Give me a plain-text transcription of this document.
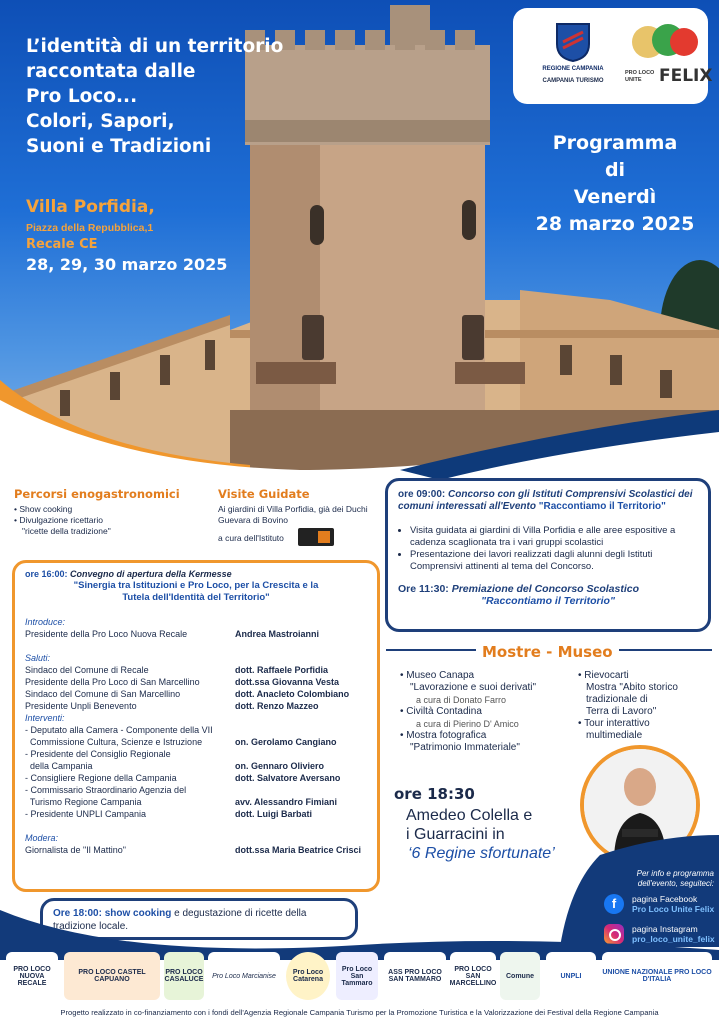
L’identità di un territorio
raccontata dalle
Pro Loco...
Colori, Sapori,
Suoni e Tradizioni
Villa Porfidia,
Piazza della Repubblica,1
Recale CE
28, 29, 30 marzo 2025
Programma
di
Venerdì
28 marzo 2025
REGIONE CAMPANIA
CAMPANIA TURISMO
PRO LOCO UNITE	FELIX
Percorsi enogastronomici
• Show cooking
• Divulgazione ricettario
"ricette della tradizione"
Visite Guidate
Ai giardini di Villa Porfidia, già dei Duchi Guevara di Bovino
a cura dell'Istituto
ore 09:00: Concorso con gli Istituti Comprensivi Scolastici dei comuni interessati all'Evento "Raccontiamo il Territorio"
• Visita guidata ai giardini di Villa Porfidia e alle aree espositive a cadenza scaglionata tra i vari gruppi scolastici
• Presentazione dei lavori realizzati dagli alunni degli Istituti Comprensivi attinenti al tema del Concorso.
Ore 11:30: Premiazione del Concorso Scolastico
"Raccontiamo il Territorio"
ore 16:00: Convegno di apertura della Kermesse
"Sinergia tra Istituzioni e Pro Loco, per la Crescita e la Tutela dell'Identità del Territorio"
Introduce:
Presidente della Pro Loco Nuova Recale	Andrea Mastroianni
Saluti:
Sindaco del Comune di Recale	dott. Raffaele Porfidia
Presidente della Pro Loco di San Marcellino	dott.ssa Giovanna Vesta
Sindaco del Comune di San Marcellino	dott. Anacleto Colombiano
Presidente Unpli Benevento	dott. Renzo Mazzeo
Interventi:
- Deputato alla Camera - Componente della VII
Commissione Cultura, Scienze e Istruzione	on. Gerolamo Cangiano
- Presidente del Consiglio Regionale
della Campania	on. Gennaro Oliviero
- Consigliere Regione della Campania	dott. Salvatore Aversano
- Commissario Straordinario Agenzia del
Turismo Regione Campania	avv. Alessandro Fimiani
- Presidente UNPLI Campania	dott. Luigi Barbati
Modera:
Giornalista de "Il Mattino"	dott.ssa Maria Beatrice Crisci
Mostre - Museo
• Museo Canapa
"Lavorazione e suoi derivati"
a cura di Donato Farro
• Civiltà Contadina
a cura di Pierino D' Amico
• Mostra fotografica
"Patrimonio Immateriale"
• Rievocarti
Mostra "Abito storico
tradizionale di
Terra di Lavoro"
• Tour interattivo
multimediale
ore 18:30
Amedeo Colella e
i Guarracini in
‘6 Regine sfortunate’
Per info e programma dell'evento, seguiteci:
f	pagina Facebook
Pro Loco Unite Felix
pagina Instagram
pro_loco_unite_felix
Ore 18:00: show cooking e degustazione di ricette della tradizione locale.
PRO LOCO NUOVA RECALE
PRO LOCO CASTEL CAPUANO
PRO LOCO CASALUCE	Pro Loco Marcianise	Pro Loco Catarena
Pro Loco San Tammaro
ASS PRO LOCO SAN TAMMARO
PRO LOCO SAN MARCELLINO
Comune	UNPLI	UNIONE NAZIONALE PRO LOCO D'ITALIA
Progetto realizzato in co-finanziamento con i fondi dell'Agenzia Regionale Campania Turismo per la Promozione Turistica e la Valorizzazione dei Festival della Regione Campania
